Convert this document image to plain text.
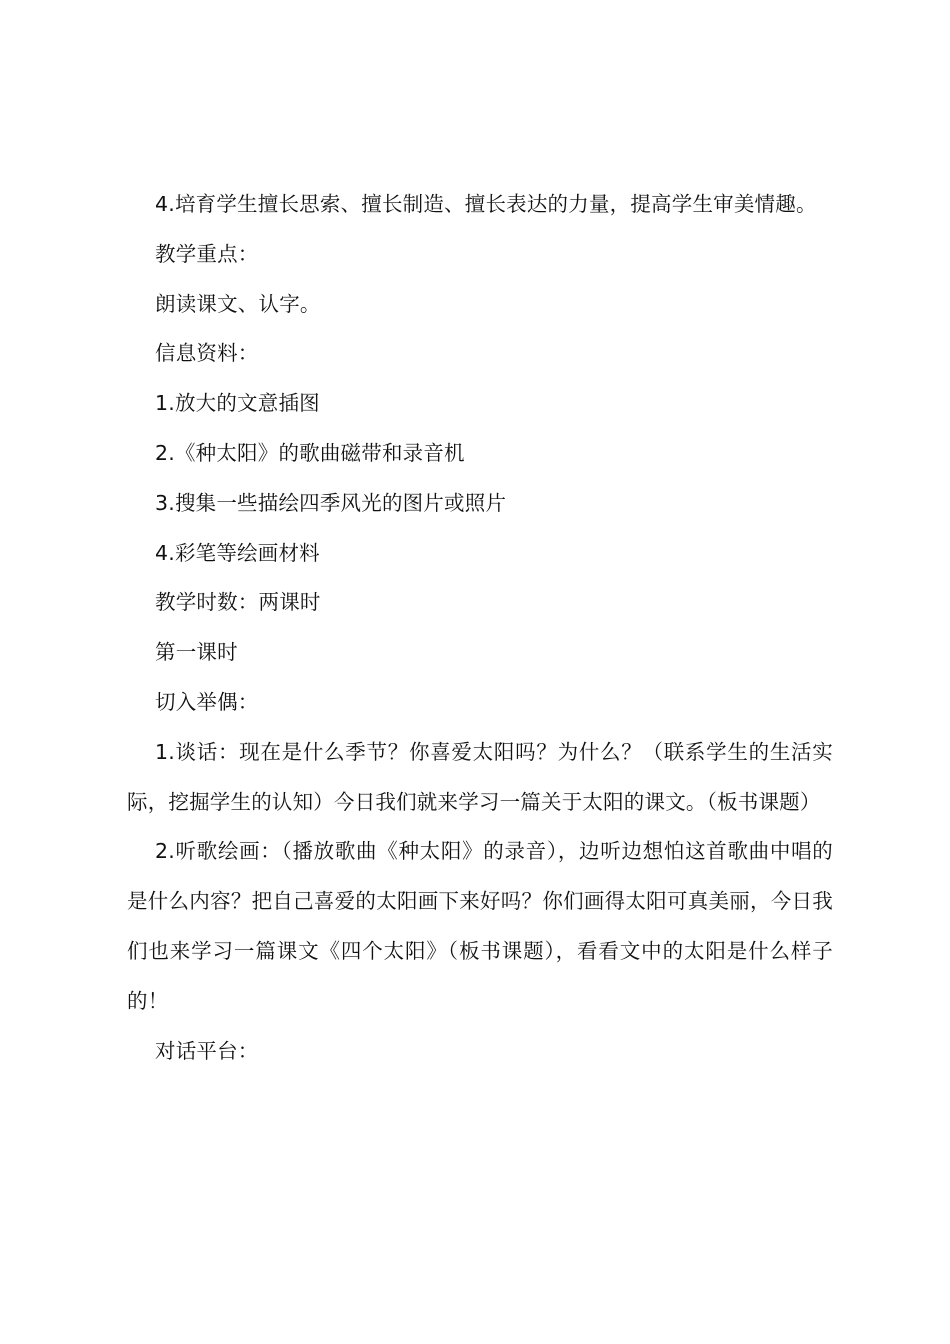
4.培育学生擅长思索、擅长制造、擅长表达的力量，提高学生审美情趣。

教学重点：

朗读课文、认字。

信息资料：

1.放大的文意插图

2.《种太阳》的歌曲磁带和录音机

3.搜集一些描绘四季风光的图片或照片

4.彩笔等绘画材料

教学时数：两课时

第一课时

切入举偶：

1.谈话：现在是什么季节？你喜爱太阳吗？为什么？（联系学生的生活实际，挖掘学生的认知）今日我们就来学习一篇关于太阳的课文。（板书课题）

2.听歌绘画：（播放歌曲《种太阳》的录音），边听边想怕这首歌曲中唱的是什么内容？把自己喜爱的太阳画下来好吗？你们画得太阳可真美丽，今日我们也来学习一篇课文《四个太阳》（板书课题），看看文中的太阳是什么样子的！

对话平台：
